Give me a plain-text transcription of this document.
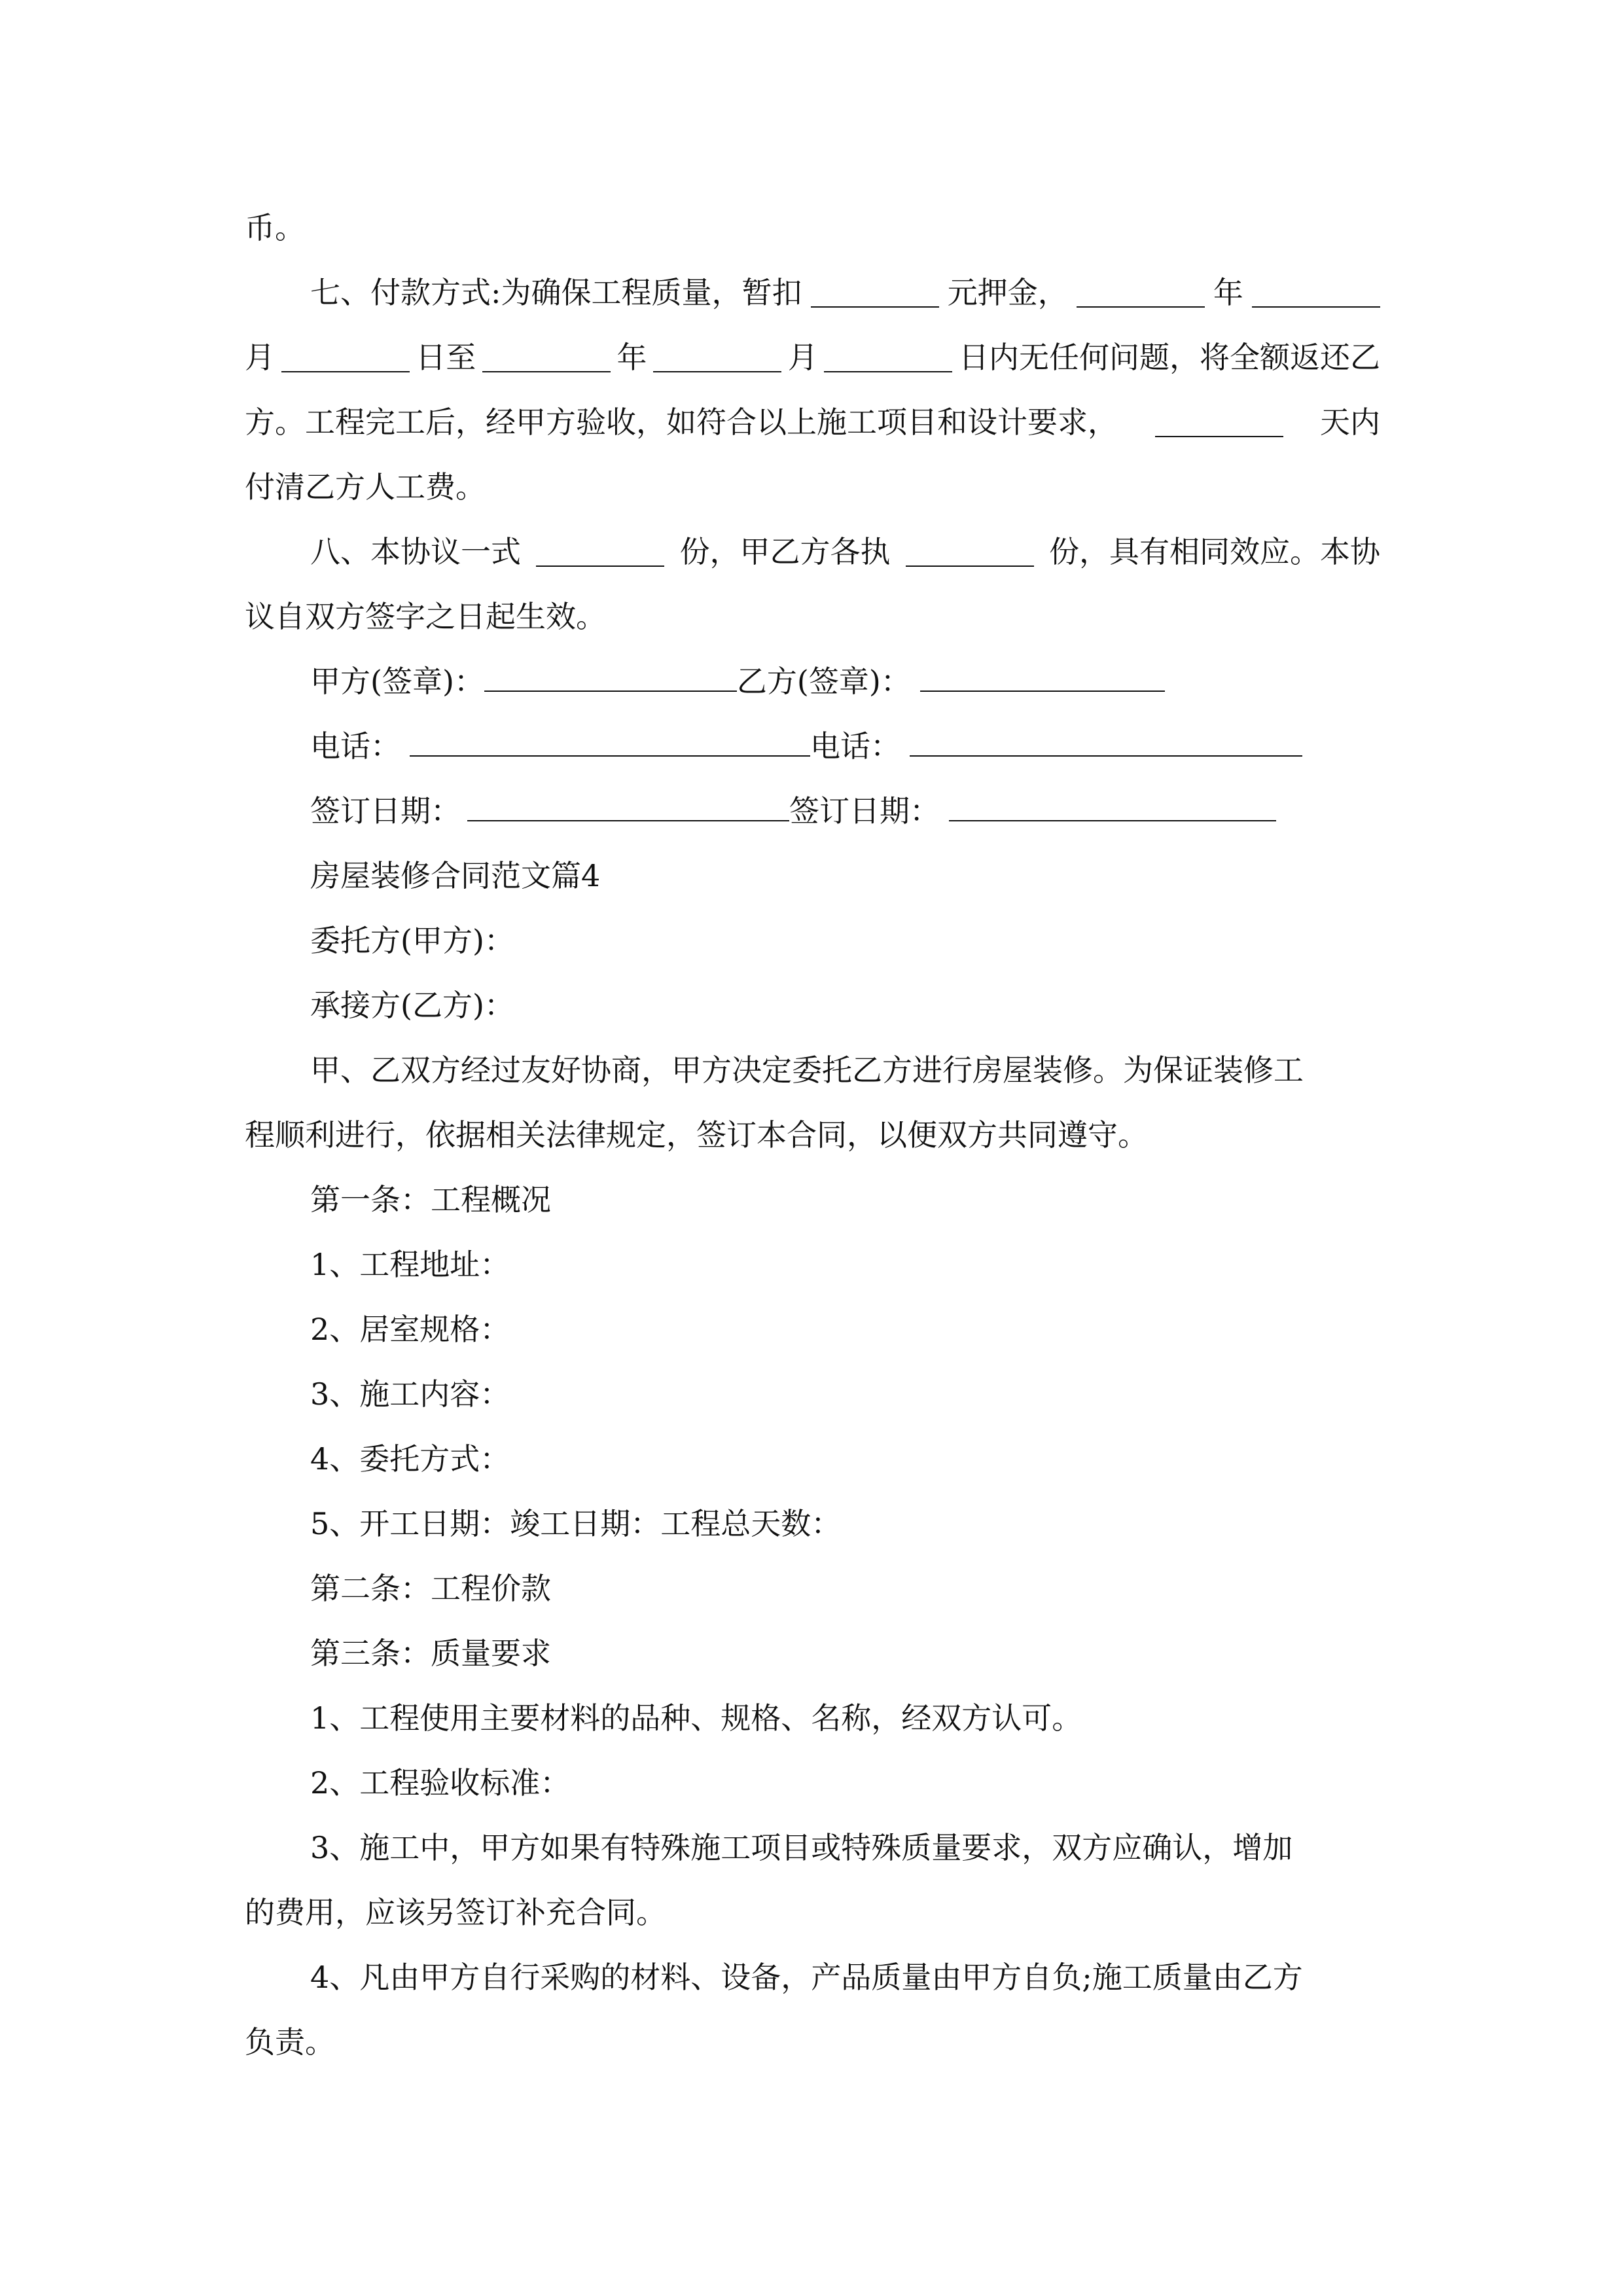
币。
七、付款方式:为确保工程质量，暂扣	元押金，	年
月	日至	年	月	日内无任何问题，将全额返还乙
方。工程完工后，经甲方验收，如符合以上施工项目和设计要求，	天内
付清乙方人工费。
八、本协议一式	份，甲乙方各执	份，具有相同效应。本协
议自双方签字之日起生效。
甲方(签章)：	乙方(签章)：
电话：	电话：
签订日期：	签订日期：
房屋装修合同范文篇4
委托方(甲方)：
承接方(乙方)：
甲、乙双方经过友好协商，甲方决定委托乙方进行房屋装修。为保证装修工
程顺利进行，依据相关法律规定，签订本合同，以便双方共同遵守。
第一条：工程概况
1、工程地址：
2、居室规格：
3、施工内容：
4、委托方式：
5、开工日期：竣工日期：工程总天数：
第二条：工程价款
第三条：质量要求
1、工程使用主要材料的品种、规格、名称，经双方认可。
2、工程验收标准：
3、施工中，甲方如果有特殊施工项目或特殊质量要求，双方应确认，增加
的费用，应该另签订补充合同。
4、凡由甲方自行采购的材料、设备，产品质量由甲方自负;施工质量由乙方
负责。
